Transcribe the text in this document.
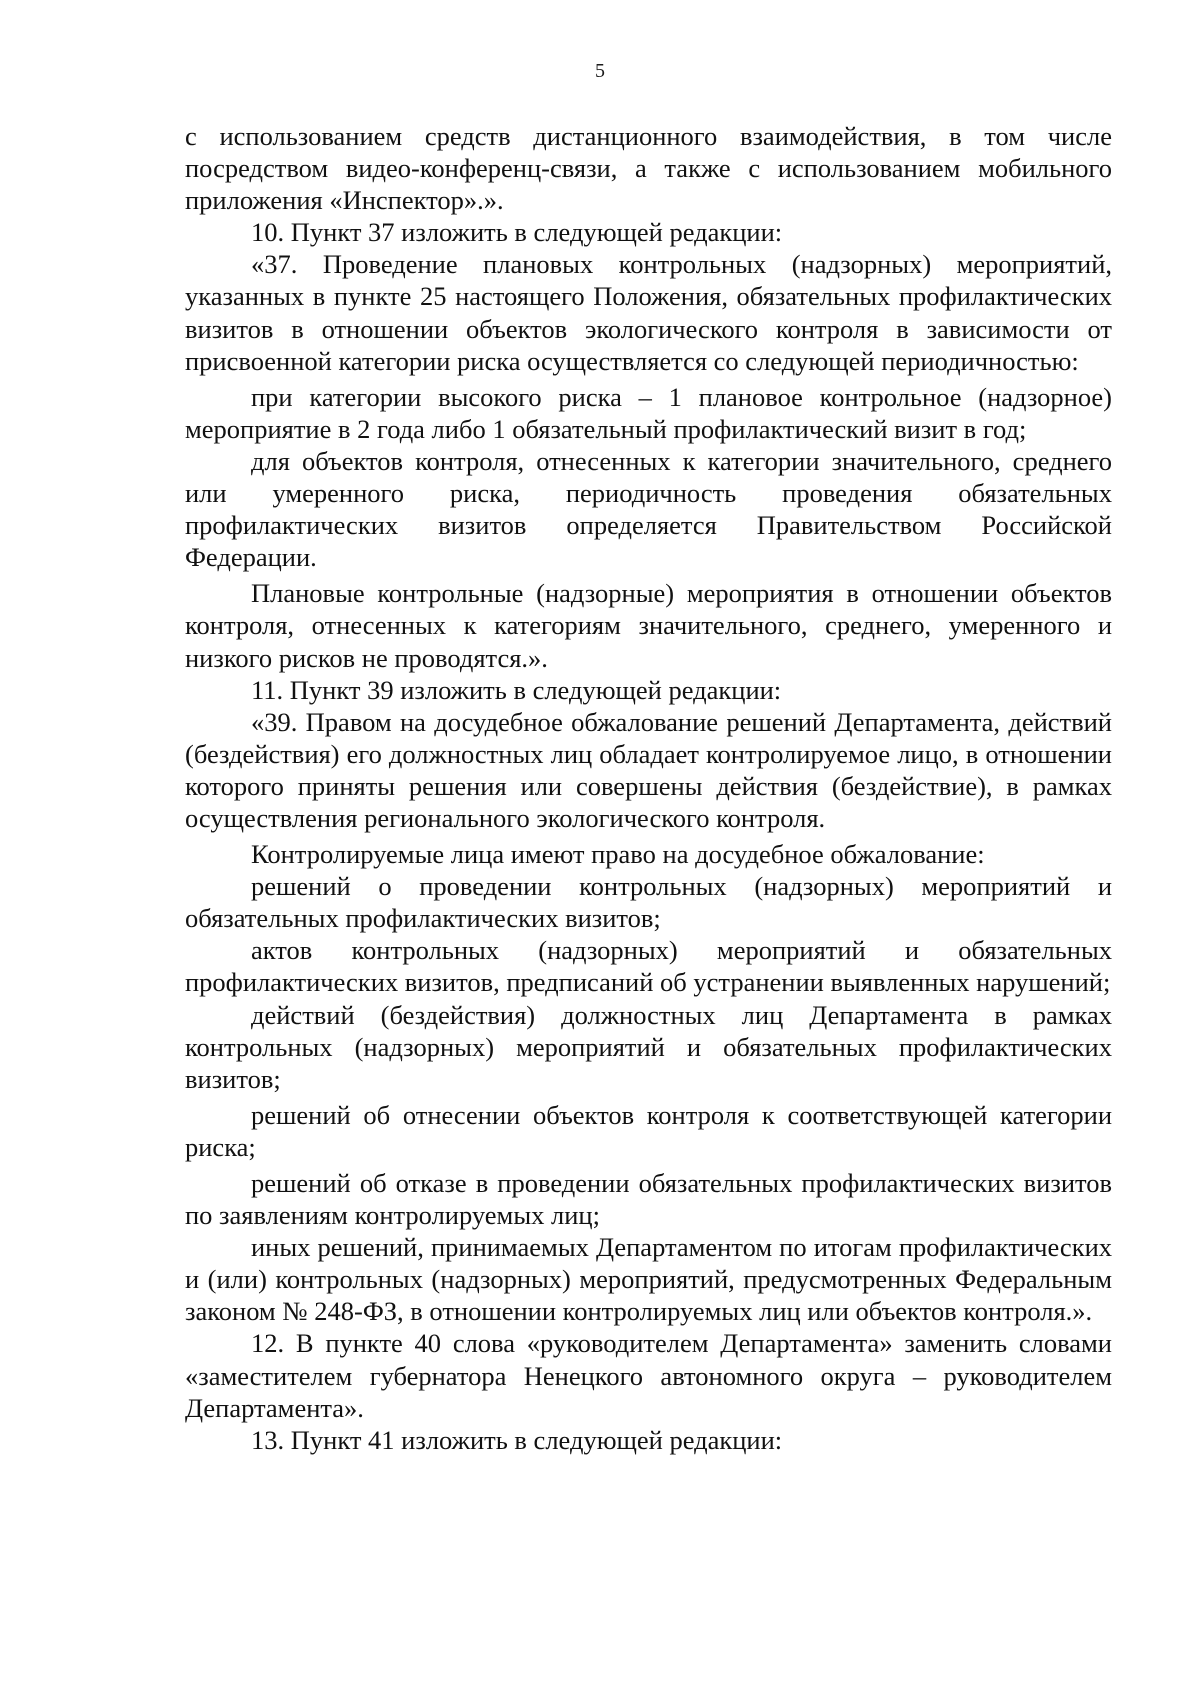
5

с использованием средств дистанционного взаимодействия, в том числе посредством видео-конференц-связи, а также с использованием мобильного приложения «Инспектор».».

10. Пункт 37 изложить в следующей редакции:

«37. Проведение плановых контрольных (надзорных) мероприятий, указанных в пункте 25 настоящего Положения, обязательных профилактических визитов в отношении объектов экологического контроля в зависимости от присвоенной категории риска осуществляется со следующей периодичностью:

при категории высокого риска – 1 плановое контрольное (надзорное) мероприятие в 2 года либо 1 обязательный профилактический визит в год;

для объектов контроля, отнесенных к категории значительного, среднего или умеренного риска, периодичность проведения обязательных профилактических визитов определяется Правительством Российской Федерации.

Плановые контрольные (надзорные) мероприятия в отношении объектов контроля, отнесенных к категориям значительного, среднего, умеренного и низкого рисков не проводятся.».

11. Пункт 39 изложить в следующей редакции:

«39. Правом на досудебное обжалование решений Департамента, действий (бездействия) его должностных лиц обладает контролируемое лицо, в отношении которого приняты решения или совершены действия (бездействие), в рамках осуществления регионального экологического контроля.

Контролируемые лица имеют право на досудебное обжалование:

решений о проведении контрольных (надзорных) мероприятий и обязательных профилактических визитов;

актов контрольных (надзорных) мероприятий и обязательных профилактических визитов, предписаний об устранении выявленных нарушений;

действий (бездействия) должностных лиц Департамента в рамках контрольных (надзорных) мероприятий и обязательных профилактических визитов;

решений об отнесении объектов контроля к соответствующей категории риска;

решений об отказе в проведении обязательных профилактических визитов по заявлениям контролируемых лиц;

иных решений, принимаемых Департаментом по итогам профилактических и (или) контрольных (надзорных) мероприятий, предусмотренных Федеральным законом № 248-ФЗ, в отношении контролируемых лиц или объектов контроля.».

12. В пункте 40 слова «руководителем Департамента» заменить словами «заместителем губернатора Ненецкого автономного округа – руководителем Департамента».

13. Пункт 41 изложить в следующей редакции:
